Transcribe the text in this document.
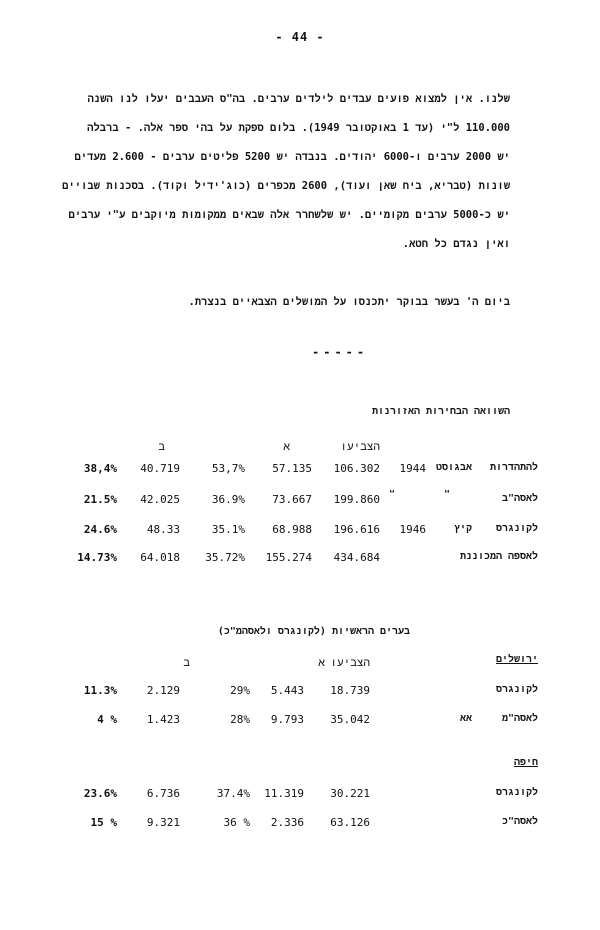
- 44 -
שלנו. אין למצוא פועים עבדים לילדים ערבים. בה"ס העבבים יעלו לנו השנה
110.000 ל"י (עד 1 באוקטובר 1949). בלום ספקת על בהי ספר אלה. - ברבלה
יש 2000 ערבים ו-6000 יהודים. בנבדה יש 5200 פליטים ערבים - 2.600 מעדים
שונות (טבריא, ביח שאן ועוד), 2600 מכפרים (כוג'ידיל וקוד). בסכנות שבויים
יש כ-5000 ערבים מקומיים. יש שלשחרר אלה שבאים ממקומות מיוקבים ע"י ערבים
ואין נגדם כל חטא.
ביום ה' בעשר בבוקר יתכנסו על המושלים הצבאיים בנצרת.
-----
השוואה הבחירות האזורנות
הצביעו
א
ב
להתהדרות
אבגוסט
1944
106.302
57.135
53,7%
40.719
38,4%
לאסה"ב
"
"
199.860
73.667
36.9%
42.025
21.5%
לקונגרס
קיץ
1946
196.616
68.988
35.1%
48.33
24.6%
לאספה המכוננת
434.684
155.274
35.72%
64.018
14.73%
בערים הראשיות (לקונגרס ולאסהמ"כ)
הצביעו
א
ב	ירושלים
לקונגרס
18.739
5.443
29%
2.129
11.3%
לאסה"מ
אא
35.042
9.793
28%
1.423
4 %
חיפה
לקונגרס
30.221
11.319
37.4%
6.736
23.6%
לאסה"כ
63.126
2.336
36 %
9.321
15 %
